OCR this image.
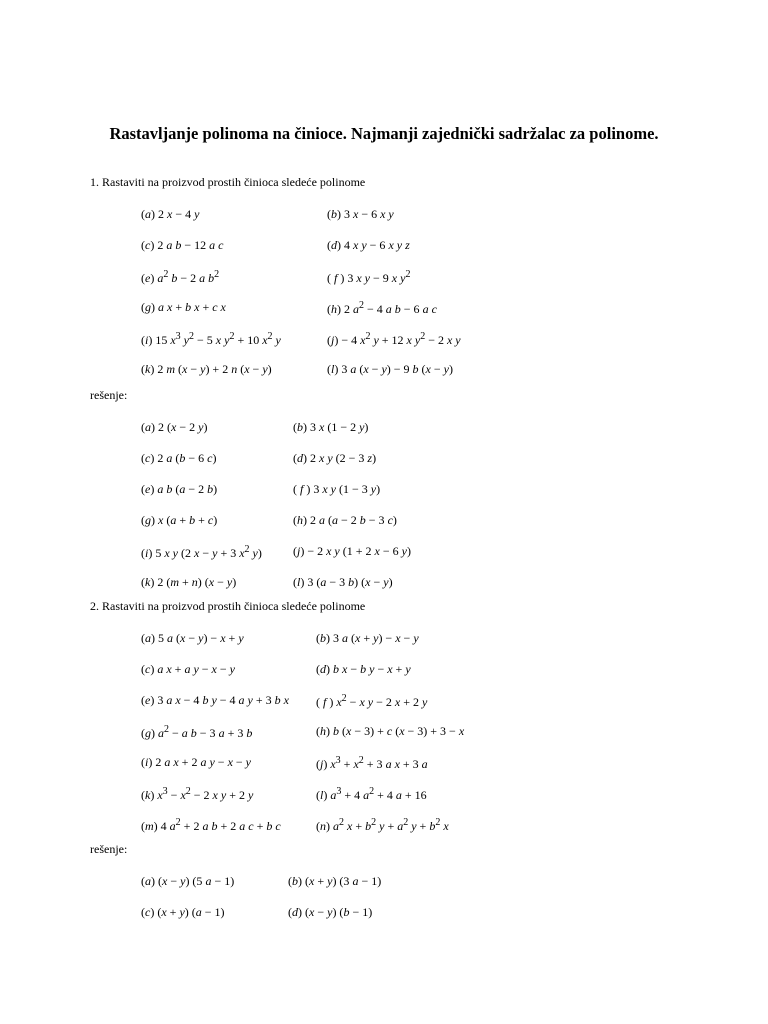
Rastavljanje polinoma na činioce. Najmanji zajednički sadržalac za polinome.
1. Rastaviti na proizvod prostih činioca sledeće polinome
(a) 2 x − 4 y	(b) 3 x − 6 x y
(c) 2 a b − 12 a c	(d) 4 x y − 6 x y z
(e) $a^2$ b − 2 a $b^2$	( f ) 3 x y − 9 x $y^2$
(g) a x + b x + c x	(h) 2 $a^2 - 4$ a b − 6 a c
(i) 15 $x^3$ $y^2 - 5$ x $y^2 + 10$ $x^2$ y	(j) − 4 $x^2$ y + 12 x $y^2 - 2$ x y
(k) 2 m (x − y) + 2 n (x − y)	(l) 3 a (x − y) − 9 b (x − y)
rešenje:
(a) 2 (x − 2 y)	(b) 3 x (1 − 2 y)
(c) 2 a (b − 6 c)	(d) 2 x y (2 − 3 z)
(e) a b (a − 2 b)	( f ) 3 x y (1 − 3 y)
(g) x (a + b + c)	(h) 2 a (a − 2 b − 3 c)
(i) 5 x y (2 x − y + 3 $x^2$ y)	(j) − 2 x y (1 + 2 x − 6 y)
(k) 2 (m + n) (x − y)	(l) 3 (a − 3 b) (x − y)
2. Rastaviti na proizvod prostih činioca sledeće polinome
(a) 5 a (x − y) − x + y	(b) 3 a (x + y) − x − y
(c) a x + a y − x − y	(d) b x − b y − x + y
(e) 3 a x − 4 b y − 4 a y + 3 b x ( f ) $x^2 - x$ y − 2 x + 2 y
(g) $a^2 - a$ b − 3 a + 3 b	(h) b (x − 3) + c (x − 3) + 3 − x
(i) 2 a x + 2 a y − x − y	(j) $x^3 + x^2 + 3$ a x + 3 a
(k) $x^3 - x^2 - 2$ x y + 2 y	(l) $a^3 + 4$ $a^2 + 4$ a + 16
(m) 4 $a^2 + 2$ a b + 2 a c + b c	(n) $a^2$ $x + b^2$ $y + a^2$ $y + b^2$ x
rešenje:
(a) (x − y) (5 a − 1)	(b) (x + y) (3 a − 1)
(c) (x + y) (a − 1)	(d) (x − y) (b − 1)
